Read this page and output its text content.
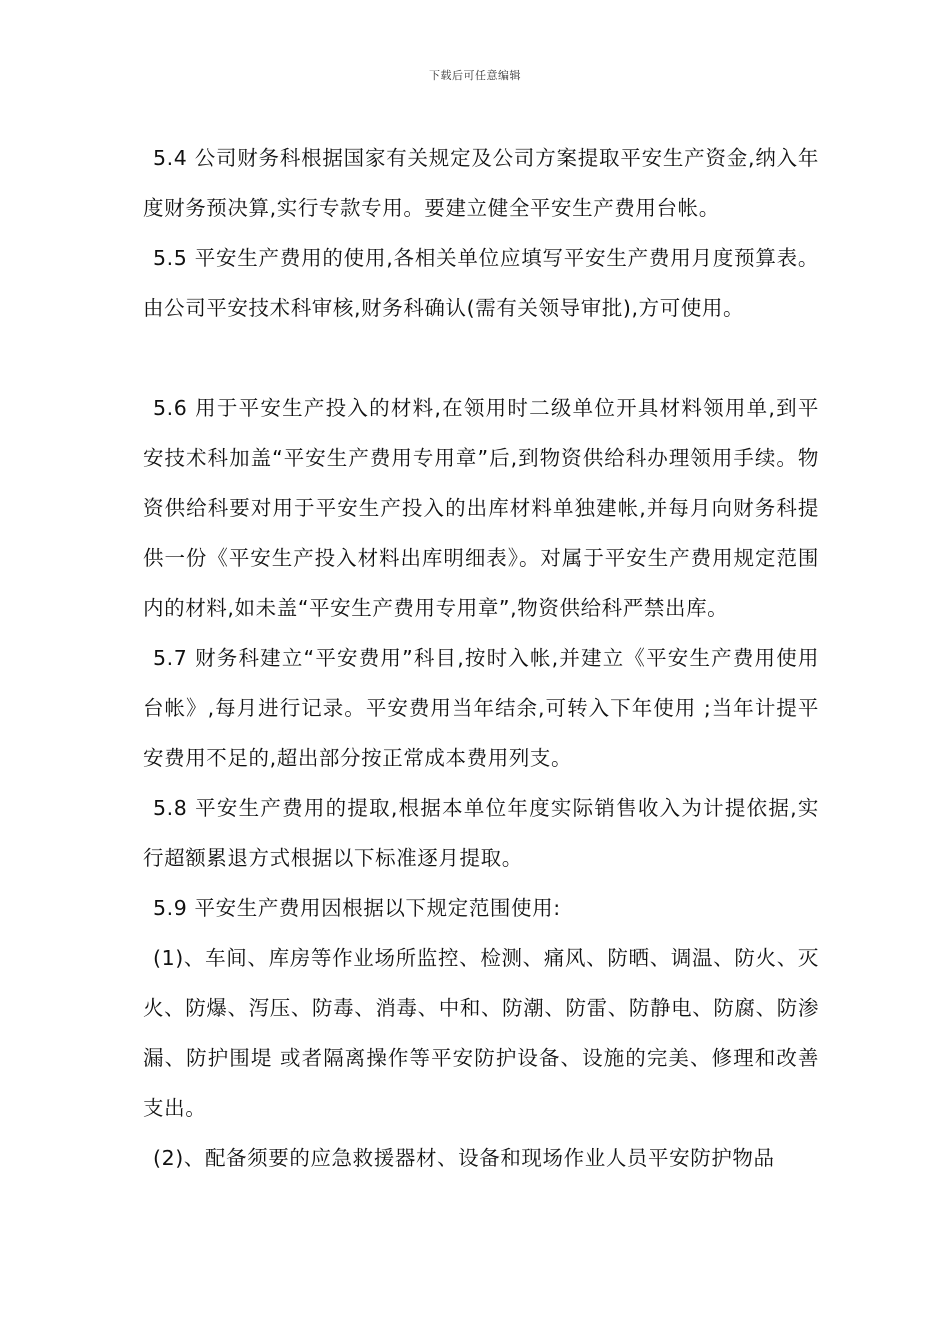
下载后可任意编辑

5.4 公司财务科根据国家有关规定及公司方案提取平安生产资金,纳入年度财务预决算,实行专款专用。要建立健全平安生产费用台帐。

5.5 平安生产费用的使用,各相关单位应填写平安生产费用月度预算表。由公司平安技术科审核,财务科确认(需有关领导审批),方可使用。

5.6 用于平安生产投入的材料,在领用时二级单位开具材料领用单,到平安技术科加盖“平安生产费用专用章”后,到物资供给科办理领用手续。物资供给科要对用于平安生产投入的出库材料单独建帐,并每月向财务科提供一份《平安生产投入材料出库明细表》。对属于平安生产费用规定范围内的材料,如未盖“平安生产费用专用章”,物资供给科严禁出库。

5.7 财务科建立“平安费用”科目,按时入帐,并建立《平安生产费用使用台帐》,每月进行记录。平安费用当年结余,可转入下年使用 ;当年计提平安费用不足的,超出部分按正常成本费用列支。

5.8 平安生产费用的提取,根据本单位年度实际销售收入为计提依据,实行超额累退方式根据以下标准逐月提取。

5.9 平安生产费用因根据以下规定范围使用:

(1)、车间、库房等作业场所监控、检测、痛风、防晒、调温、防火、灭火、防爆、泻压、防毒、消毒、中和、防潮、防雷、防静电、防腐、防渗漏、防护围堤 或者隔离操作等平安防护设备、设施的完美、修理和改善支出。

(2)、配备须要的应急救援器材、设备和现场作业人员平安防护物品
